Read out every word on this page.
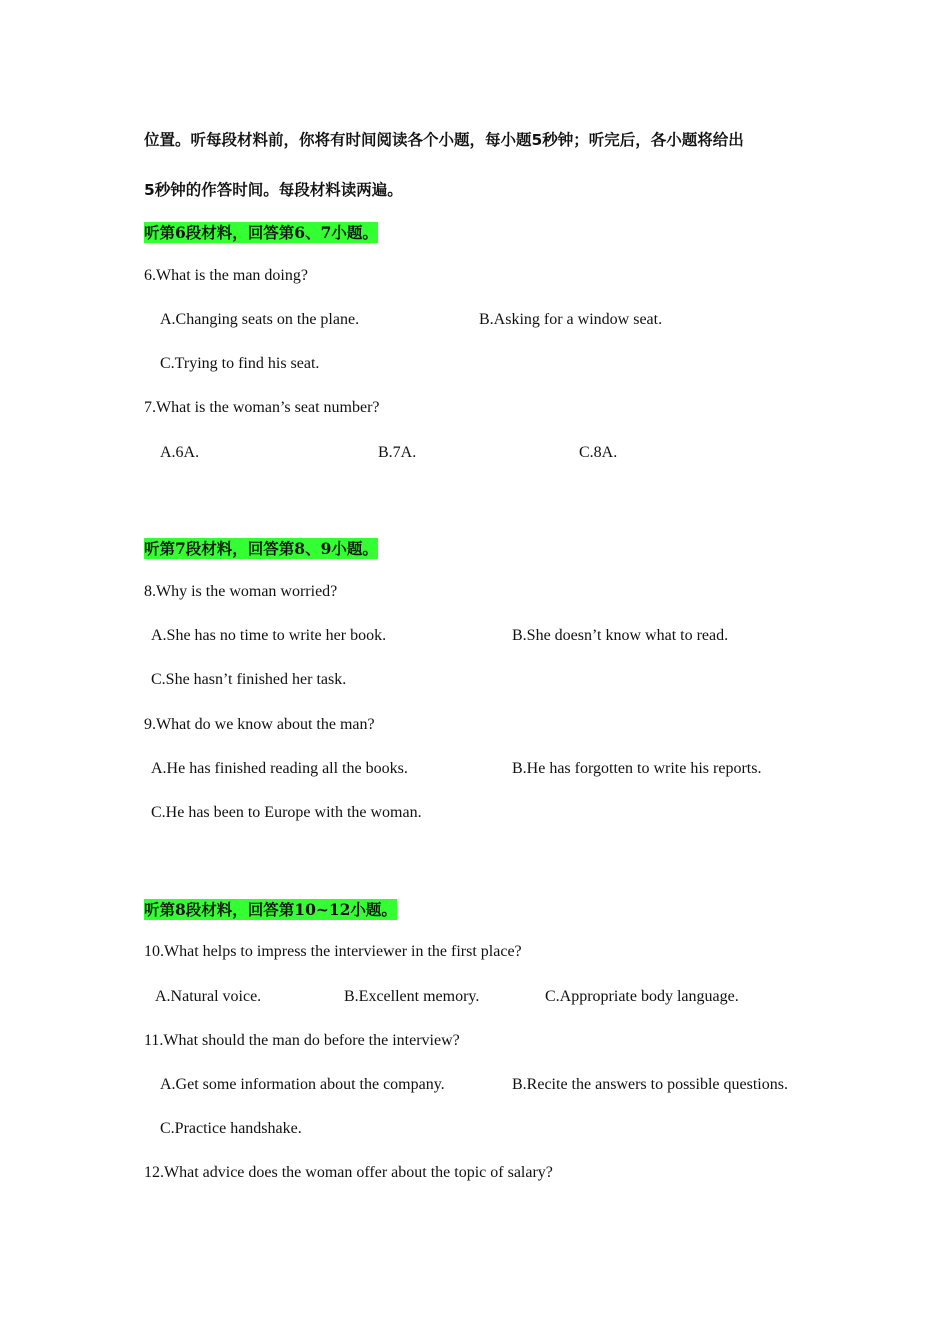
位置。听每段材料前，你将有时间阅读各个小题，每小题5秒钟；听完后，各小题将给出
5秒钟的作答时间。每段材料读两遍。
听第6段材料，回答第6、7小题。
6.What is the man doing?
A.Changing seats on the plane.	B.Asking for a window seat.
C.Trying to find his seat.
7.What is the woman’s seat number?
A.6A.	B.7A.	C.8A.
听第7段材料，回答第8、9小题。
8.Why is the woman worried?
A.She has no time to write her book.	B.She doesn’t know what to read.
C.She hasn’t finished her task.
9.What do we know about the man?
A.He has finished reading all the books.	B.He has forgotten to write his reports.
C.He has been to Europe with the woman.
听第8段材料，回答第10~12小题。
10.What helps to impress the interviewer in the first place?
A.Natural voice.	B.Excellent memory.	C.Appropriate body language.
11.What should the man do before the interview?
A.Get some information about the company.	B.Recite the answers to possible questions.
C.Practice handshake.
12.What advice does the woman offer about the topic of salary?
